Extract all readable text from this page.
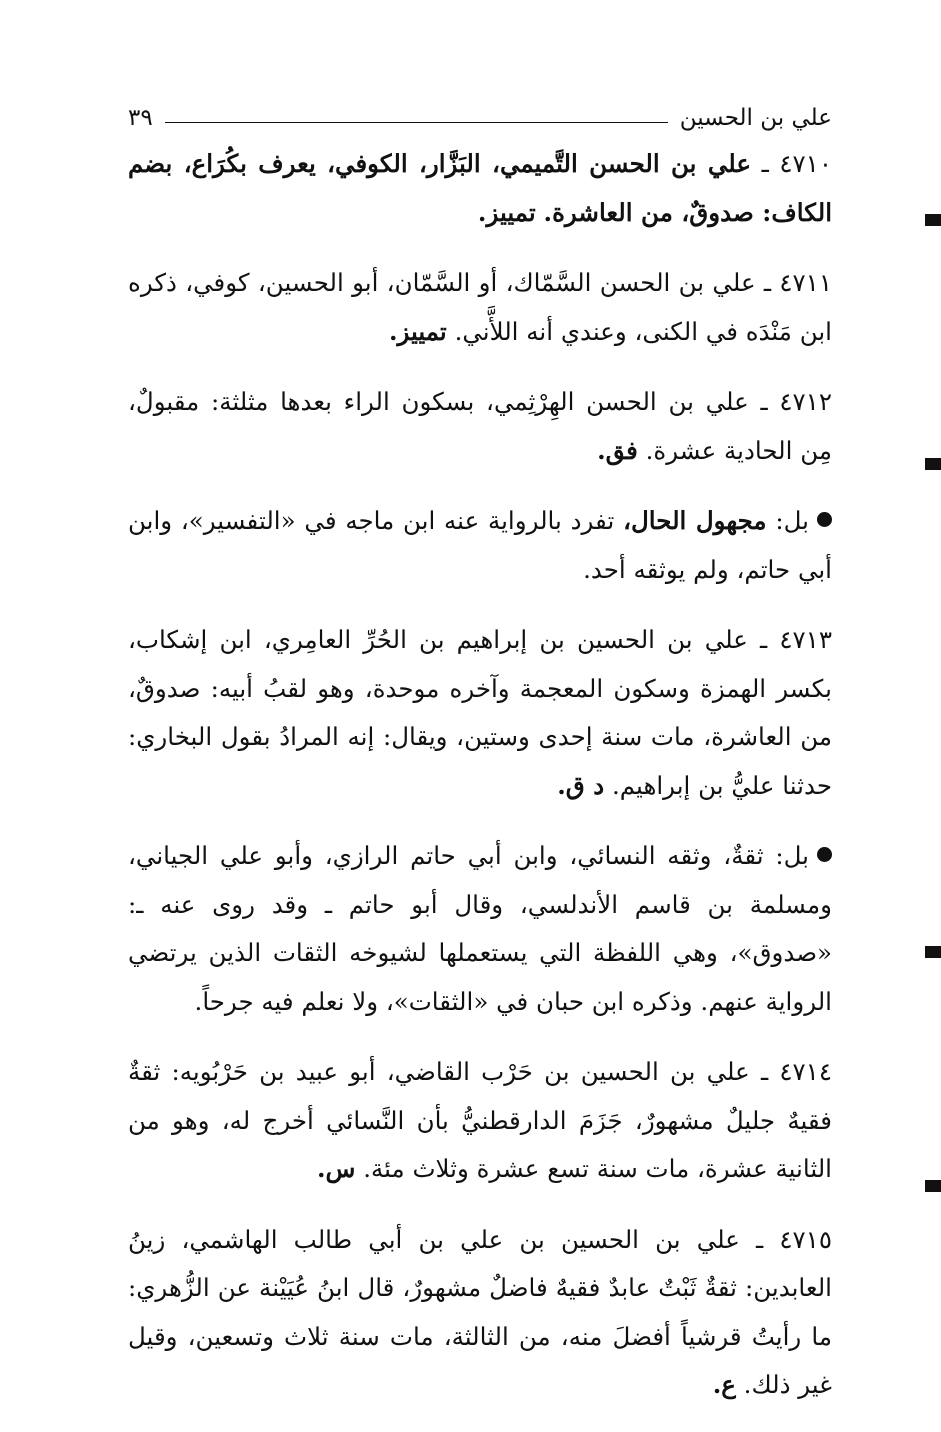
علي بن الحسين
٣٩

٤٧١٠ ـ علي بن الحسن التَّميمي، البَزَّار، الكوفي، يعرف بكُرَاع، بضم الكاف: صدوقٌ، من العاشرة. تمييز.

٤٧١١ ـ علي بن الحسن السَّمّاك، أو السَّمّان، أبو الحسين، كوفي، ذكره ابن مَنْدَه في الكنى، وعندي أنه اللأَّني. تمييز.

٤٧١٢ ـ علي بن الحسن الهِرْثِمي، بسكون الراء بعدها مثلثة: مقبولٌ، مِن الحادية عشرة. فق.

بل: مجهول الحال، تفرد بالرواية عنه ابن ماجه في «التفسير»، وابن أبي حاتم، ولم يوثقه أحد.

٤٧١٣ ـ علي بن الحسين بن إبراهيم بن الحُرِّ العامِري، ابن إشكاب، بكسر الهمزة وسكون المعجمة وآخره موحدة، وهو لقبُ أبيه: صدوقٌ، من العاشرة، مات سنة إحدى وستين، ويقال: إنه المرادُ بقول البخاري: حدثنا عليُّ بن إبراهيم. د ق.

بل: ثقةٌ، وثقه النسائي، وابن أبي حاتم الرازي، وأبو علي الجياني، ومسلمة بن قاسم الأندلسي، وقال أبو حاتم ـ وقد روى عنه ـ: «صدوق»، وهي اللفظة التي يستعملها لشيوخه الثقات الذين يرتضي الرواية عنهم. وذكره ابن حبان في «الثقات»، ولا نعلم فيه جرحاً.

٤٧١٤ ـ علي بن الحسين بن حَرْب القاضي، أبو عبيد بن حَرْبُويه: ثقةٌ فقيهٌ جليلٌ مشهورٌ، جَزَمَ الدارقطنيُّ بأن النَّسائي أخرج له، وهو من الثانية عشرة، مات سنة تسع عشرة وثلاث مئة. س.

٤٧١٥ ـ علي بن الحسين بن علي بن أبي طالب الهاشمي، زينُ العابدين: ثقةٌ ثَبْتٌ عابدٌ فقيهٌ فاضلٌ مشهورٌ، قال ابنُ عُيَيْنة عن الزُّهري: ما رأيتُ قرشياً أفضلَ منه، من الثالثة، مات سنة ثلاث وتسعين، وقيل غير ذلك. ع.
